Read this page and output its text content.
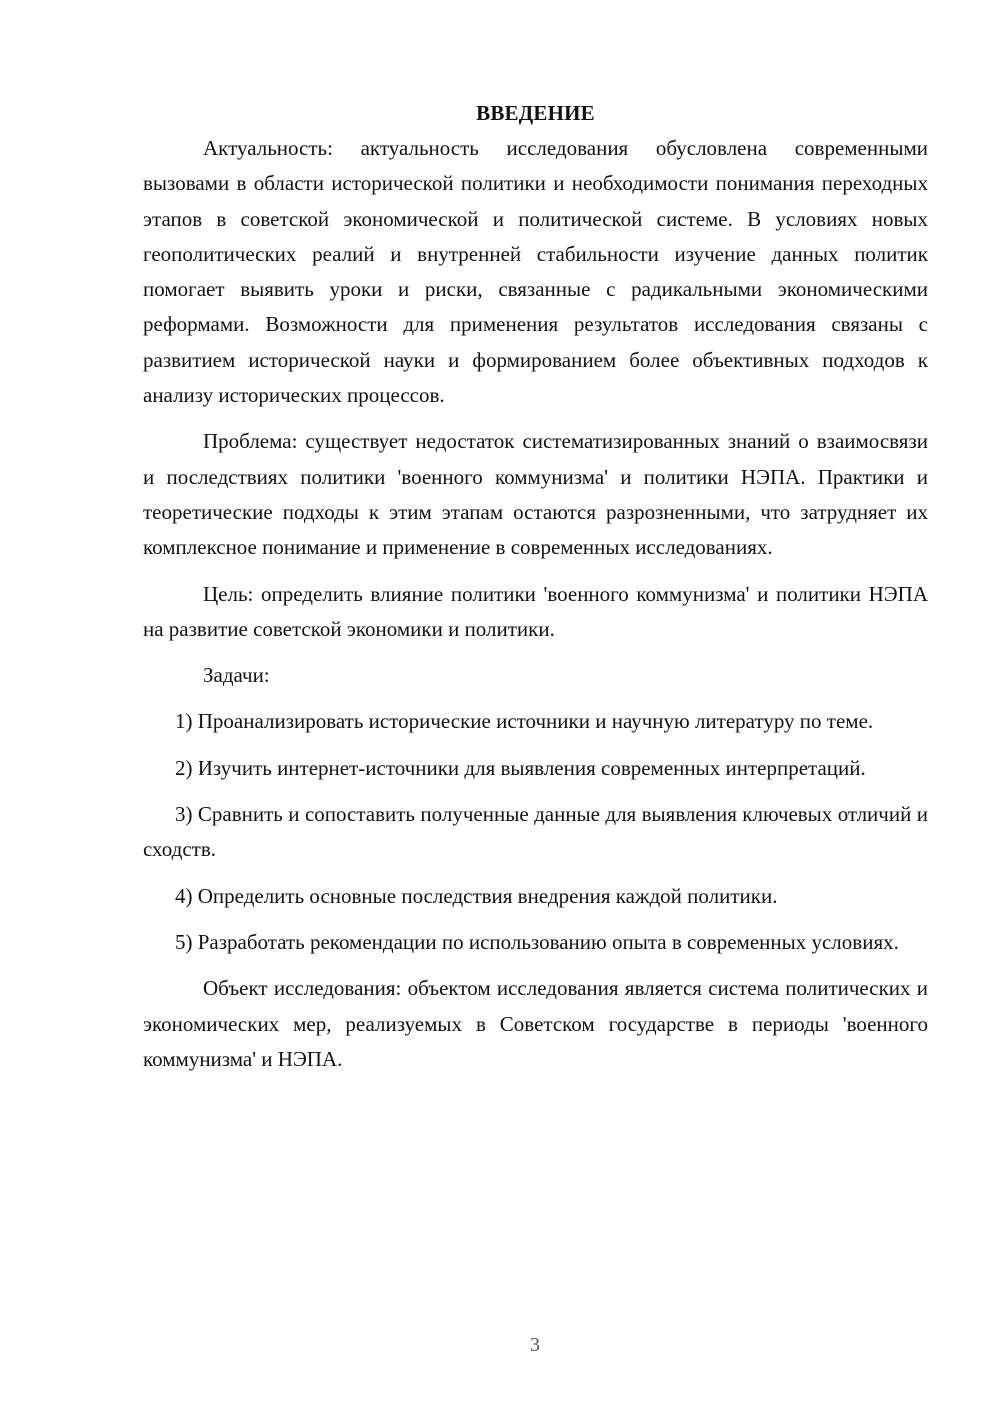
ВВЕДЕНИЕ

Актуальность: актуальность исследования обусловлена современными вызовами в области исторической политики и необходимости понимания переходных этапов в советской экономической и политической системе. В условиях новых геополитических реалий и внутренней стабильности изучение данных политик помогает выявить уроки и риски, связанные с радикальными экономическими реформами. Возможности для применения результатов исследования связаны с развитием исторической науки и формированием более объективных подходов к анализу исторических процессов.

Проблема: существует недостаток систематизированных знаний о взаимосвязи и последствиях политики 'военного коммунизма' и политики НЭПА. Практики и теоретические подходы к этим этапам остаются разрозненными, что затрудняет их комплексное понимание и применение в современных исследованиях.

Цель: определить влияние политики 'военного коммунизма' и политики НЭПА на развитие советской экономики и политики.

Задачи:

1) Проанализировать исторические источники и научную литературу по теме.

2) Изучить интернет-источники для выявления современных интерпретаций.

3) Сравнить и сопоставить полученные данные для выявления ключевых отличий и сходств.

4) Определить основные последствия внедрения каждой политики.

5) Разработать рекомендации по использованию опыта в современных условиях.

Объект исследования: объектом исследования является система политических и экономических мер, реализуемых в Советском государстве в периоды 'военного коммунизма' и НЭПА.

3
